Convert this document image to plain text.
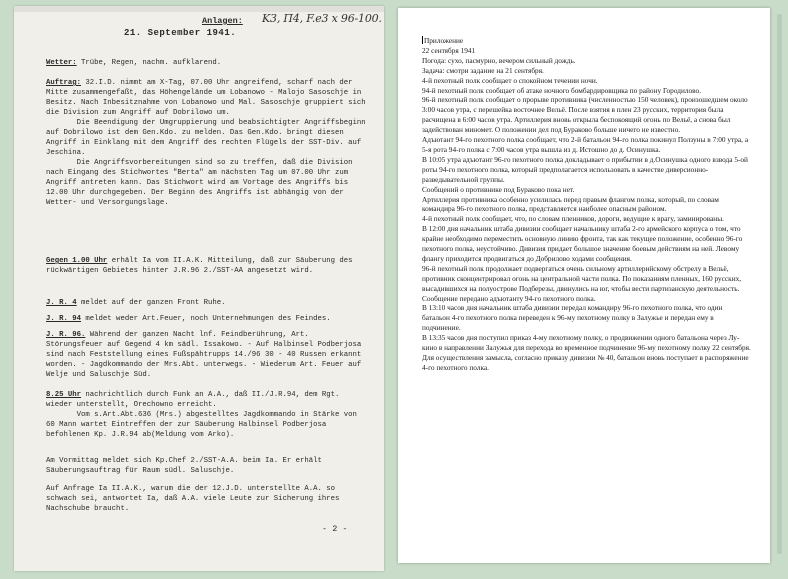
Anlagen: K3, П4, F.e3 x 96-100.
21. September 1941.

Wetter: Trübe, Regen, nachm. aufklarend.

Auftrag: 32.I.D. nimmt am X-Tag, 07.00 Uhr angreifend, scharf nach der Mitte zusammengefaßt, das Höhengelände um Lobanowo - Malojo Sasoschje in Besitz. Nach Inbesitznahme von Lobanowo und Mal. Sasoschje gruppiert sich die Division zum Angriff auf Dobrilowo um.
Die Beendigung der Umgruppierung und beabsichtigter Angriffsbeginn auf Dobrilowo ist dem Gen.Kdo. zu melden. Das Gen.Kdo. bringt diesen Angriff in Einklang mit dem Angriff des rechten Flügels der SST-Div. auf Jeschina.
Die Angriffsvorbereitungen sind so zu treffen, daß die Division nach Eingang des Stichwortes "Berta" am nächsten Tag um 07.00 Uhr zum Angriff antreten kann. Das Stichwort wird am Vortage des Angriffs bis 12.00 Uhr durchgegeben. Der Beginn des Angriffs ist abhängig von der Wetter- und Versorgungslage.

Gegen 1.00 Uhr erhält Ia vom II.A.K. Mitteilung, daß zur Säuberung des rückwärtigen Gebietes hinter J.R.96 2./SST-AA angesetzt wird.

J. R. 4 meldet auf der ganzen Front Ruhe.

J. R. 94 meldet weder Art.Feuer, noch Unternehmungen des Feindes.

J. R. 96. Während der ganzen Nacht lnf. Feindberührung, Art. Störungsfeuer auf Gegend 4 km sädl. Issakowo. - Auf Halbinsel Podberjosa sind nach Feststellung eines Fußspähtrupps 14./96 30 - 40 Russen erkannt worden. - Jagdkommando der Mrs.Abt. unterwegs. - Wiederum Art. Feuer auf Welje und Saluschje Süd.

8.25 Uhr nachrichtlich durch Funk an A.A., daß II./J.R.94, dem Rgt. wieder unterstellt, Orechowno erreicht.
Vom s.Art.Abt.636 (Mrs.) abgestelltes Jagdkommando in Stärke von 60 Mann wartet Eintreffen der zur Säuberung Halbinsel Podberjosa befohlenen Kp. J.R.94 ab(Meldung vom Arko).

Am Vormittag meldet sich Kp.Chef 2./SST-A.A. beim Ia. Er erhält Säuberungsauftrag für Raum südl. Saluschje.

Auf Anfrage Ia II.A.K., warum die der 12.J.D. unterstellte A.A. so schwach sei, antwortet Ia, daß A.A. viele Leute zur Sicherung ihres Nachschube braucht.

- 2 -

Приложение

22 сентября 1941

Погода: сухо, пасмурно, вечером сильный дождь.

Задача: смотри задание на 21 сентября.

4-й пехотный полк сообщает о спокойном течении ночи.

94-й пехотный полк сообщает об атаке ночного бомбардировщика по району Городилово.

96-й пехотный полк сообщает о прорыве противника (численностью 150 человек), произошедшем около 3:00 часов утра, с перешейка восточнее Вельё. После взятия в плен 23 русских, территория была расчищена в 6:00 часов утра. Артиллерия вновь открыла беспокоящий огонь по Вельё, а снова был задействован миномет. О положении дел под Бураково больше ничего не известно.

Адъютант 94-го пехотного полка сообщает, что 2-й батальон 94-го полка покинул Ползуны в 7:00 утра, а 5-я рота 94-го полка с 7:00 часов утра вышла из д. Истошно до д. Осинушка.

В 10:05 утра адъютант 96-го пехотного полка докладывает о прибытии в д.Осинушка одного взвода 5-ой роты 94-го пехотного полка, который предполагается использовать в качестве диверсионно-разведывательной группы.

Сообщений о противнике под Бураково пока нет.

Артиллерия противника особенно усилилась перед правым флангом полка, который, по словам командира 96-го пехотного полка, представляется наиболее опасным районом.

4-й пехотный полк сообщает, что, по словам пленников, дороги, ведущие к врагу, заминированы.

В 12:00 дня начальник штаба дивизии сообщает начальнику штаба 2-го армейского корпуса о том, что крайне необходимо переместить основную линию фронта, так как текущее положение, особенно 96-го пехотного полка, неустойчиво. Дивизия придает большое значение боевым действиям на ней. Левому флангу приходится продвигаться до Добрилово ходами сообщения.

96-й пехотный полк продолжает подвергаться очень сильному артиллерийскому обстрелу в Вельё, противник сконцентрировал огонь на центральной части полка. По показаниям пленных, 160 русских, высадившихся на полуострове Подберезы, двинулись на юг, чтобы вести партизанскую деятельность. Сообщение передано адъютанту 94-го пехотного полка.

В 13:10 часов дня начальник штаба дивизии передал командиру 96-го пехотного полка, что один батальон 4-го пехотного полка переведен к 96-му пехотному полку в Залужье и передан ему в подчинение.

В 13:35 часов дня поступил приказ 4-му пехотному полку, о продвижении одного батальона через Лу-кино в направлении Залужья для перехода во временное подчинение 96-му пехотному полку 22 сентября. Для осуществления замысла, согласно приказу дивизии № 40, батальон вновь поступает в распоряжение 4-го пехотного полка.
